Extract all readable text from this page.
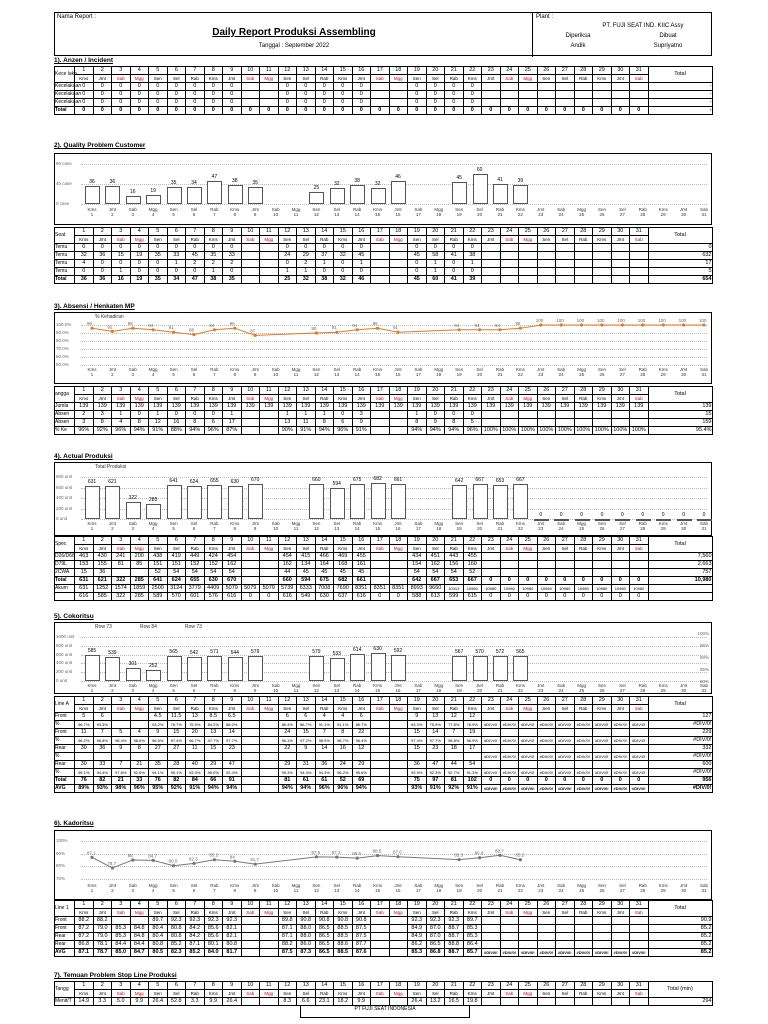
Nama Report :
Daily Report Produksi Assembling
Tanggal : September 2022
Plant :
PT. FUJI SEAT IND. KIIC Assy
Diperiksa	Dibuat
Andik	Supriyatno
1). Anzen / Incident
Kece laka	1	2	3	4	5	6	7	8	9	10	11	12	13	14	15	16	17	18	19	20	21	22	23	24	25	26	27	28	29	30	31	Total
	Kms	Jmt	Sab	Mgg	Sen	Sel	Rab	Kms	Jmt	Sab	Mgg	Sen	Sel	Rab	Kms	Jmt	Sab	Mgg	Sen	Sel	Rab	Kms	Jmt	Sab	Mgg	Sen	Sel	Rab	Kms	Jmt	Sab	
Kecelakaan	0	0	0	0	0	0	0	0	0			0	0	0	0	0			0	0	0	0										-
Kecelakaan	0	0	0	0	0	0	0	0	0			0	0	0	0	0			0	0	0	0										-
Kecelakaan	0	0	0	0	0	0	0	0	0			0	0	0	0	0			0	0	0	0										-
Total	0	0	0	0	0	0	0	0	0	0	0	0	0	0	0	0	0	0	0	0	0	0	0	0	0	0	0	0	0	0	0	-
2). Quality Problem Customer
80 case
40 case
0 case
Kms
1
Jmt
2
Sab
3
Mgg
4
Sen
5
Sel
6
Rab
7
Kms
8
Jmt
9
Sab
10
Mgg
11
Sen
12
Sel
13
Rab
14
Kms
15
Jmt
16
Sab
17
Mgg
18
Sen
19
Sel
20
Rab
21
Kms
22
Jmt
23
Sab
24
Mgg
25
Sen
26
Sel
27
Rab
28
Kms
29
Jmt
30
Sab
31
36	36
16	19
35	34
47
38	35
25
32	38	32
46	45
60
41	39
Seat	1	2	3	4	5	6	7	8	9	10	11	12	13	14	15	16	17	18	19	20	21	22	23	24	25	26	27	28	29	30	31	Total
	Kms	Jmt	Sab	Mgg	Sen	Sel	Rab	Kms	Jmt	Sab	Mgg	Sen	Sel	Rab	Kms	Jmt	Sab	Mgg	Sen	Sel	Rab	Kms	Jmt	Sab	Mgg	Sen	Sel	Rab	Kms	Jmt	Sab	
Temu	0	0	0	0	0	0	0	0	0			0	0	0	0	0			0	0	0	0										0
Temu	32	36	15	19	35	33	45	35	33			24	29	37	32	45			45	58	41	38										632
Temu	4	0	0	0	0	1	2	2	2			0	2	1	0	1			0	1	0	1										17
Temu	0	0	1	0	0	0	0	1	0			1	1	0	0	0			0	1	0	0										5
Total	36	36	16	19	35	34	47	38	35			25	32	38	32	46			45	60	41	39										654
3). Absensi / Henkaten MP
100.0%
90.0%
80.0%
70.0%
60.0%
50.0%
Kms
1
Jmt
2
Sab
3
Mgg
4
Sen
5
Sel
6
Rab
7
Kms
8
Jmt
9
Sab
10
Mgg
11
Sen
12
Sel
13
Rab
14
Kms
15
Jmt
16
Sab
17
Mgg
18
Sen
19
Sel
20
Rab
21
Kms
22
Jmt
23
Sab
24
Mgg
25
Sen
26
Sel
27
Rab
28
Kms
29
Jmt
30
Sab
31
96
92
96	94	91	88
94	96
87	90	91	94	96
91	94	94	94	96
100	100	100	100	100	100	100	100	100
% Kehadiran
angga	1	2	3	4	5	6	7	8	9	10	11	12	13	14	15	16	17	18	19	20	21	22	23	24	25	26	27	28	29	30	31	Total
	Kms	Jmt	Sab	Mgg	Sen	Sel	Rab	Kms	Jmt	Sab	Mgg	Sen	Sel	Rab	Kms	Jmt	Sab	Mgg	Sen	Sel	Rab	Kms	Jmt	Sab	Mgg	Sen	Sel	Rab	Kms	Jmt	Sab	
Jumla	139	139	139	139	139	139	139	139	139	139	139	139	139	139	139	139	139	139	139	139	139	139	139	139	139	139	139	139	139	139	139	139
Absen	2	3	1	0	1	0	0	0	1			1	1	1	0	3			1	0	0	0										15
Absen	3	8	4	8	12	16	8	6	17			13	11	8	6	9			8	9	8	5										159
% Ke	96%	92%	96%	94%	91%	88%	94%	96%	87%			90%	91%	94%	96%	91%			94%	94%	94%	96%	100%	100%	100%	100%	100%	100%	100%	100%	100%	95.4%
4). Actual Produksi
800 unit
600 unit
400 unit
200 unit
0 unit
Kms
1
Jmt
2
Sab
3
Mgg
4
Sen
5
Sel
6
Rab
7
Kms
8
Jmt
9
Sab
10
Mgg
11
Sen
12
Sel
13
Rab
14
Kms
15
Jmt
16
Sab
17
Mgg
18
Sen
19
Sel
20
Rab
21
Kms
22
Jmt
23
Sab
24
Mgg
25
Sen
26
Sel
27
Rab
28
Kms
29
Jmt
30
Sab
31
631	621
322	285
641	624	655	630	670	660
594
675	682	661	642	667	653	667
0	0	0	0	0	0	0	0	0
Total Produksi
Spec	1	2	3	4	5	6	7	8	9	10	11	12	13	14	15	16	17	18	19	20	21	22	23	24	25	26	27	28	29	30	31	Total
	Kms	Jmt	Sab	Mgg	Sen	Sel	Rab	Kms	Jmt	Sab	Mgg	Sen	Sel	Rab	Kms	Jmt	Sab	Mgg	Sen	Sel	Rab	Kms	Jmt	Sab	Mgg	Sen	Sel	Rab	Kms	Jmt	Sab	
D26/D66	463	430	241	200	438	419	449	424	454			454	415	466	469	455			434	451	443	455										7,560
D79L	153	155	81	85	151	151	152	152	162			162	134	164	168	161			154	162	156	160										2,663
2CWA	15	36			52	54	54	54	54			44	45	45	45	45			54	54	54	52										757
Total	631	621	322	285	641	624	655	630	670			660	594	675	682	661			642	667	653	667	0	0	0	0	0	0	0	0	0	10,980
Akum	631	1252	1574	1859	2500	3124	3779	4409	5079	5079	5079	5739	6333	7008	7690	8351	8351	8351	8993	9660	10313	10980	10980	10980	10980	10980	10980	10980	10980	10980	10980	
	616	585	322	285	589	570	601	576	616	0	0	616	549	630	637	616	0	0	588	613	599	615	0	0	0	0	0	0	0	0	0	
5). Cokoritsu
1000 unit
800 unit
600 unit
400 unit
200 unit
0 unit
Kms
1
Jmt
2
Sab
3
Mgg
4
Sen
5
Sel
6
Rab
7
Kms
8
Jmt
9
Sab
10
Mgg
11
Sen
12
Sel
13
Rab
14
Kms
15
Jmt
16
Sab
17
Mgg
18
Sen
19
Sel
20
Rab
21
Kms
22
Jmt
23
Sab
24
Mgg
25
Sen
26
Sel
27
Rab
28
Kms
29
Jmt
30
Sab
31
585	539
301	252
565	542	571	544	579	579	533
614	630	592	567	570	572	565
Row 73	Row 84	Row 73
100%
95%
90%
85%
80%
Line A	1	2	3	4	5	6	7	8	9	10	11	12	13	14	15	16	17	18	19	20	21	22	23	24	25	26	27	28	29	30	31	Total
	Kms	Jmt	Sab	Mgg	Sen	Sel	Rab	Kms	Jmt	Sab	Mgg	Sen	Sel	Rab	Kms	Jmt	Sab	Mgg	Sen	Sel	Rab	Kms	Jmt	Sab	Mgg	Sen	Sel	Rab	Kms	Jmt	Sab	
Front	5	6			4.5	11.5	13	8.5	6.5			6	6	4	4	6			9	13	12	12										127
%	96.7%	93.3%			93.2%	78.7%	75.9%	84.2%	88.0%			86.4%	86.7%	91.1%	91.1%	86.7%			83.3%	75.9%	77.8%	76.9%	#DIV/0!	#DIV/0!	#DIV/0!	#DIV/0!	#DIV/0!	#DIV/0!	#DIV/0!	#DIV/0!	#DIV/0!	#DIV/0!
Front	11	7	5	4	9	15	20	13	14			24	15	7	8	22			15	14	7	19										229
%	96.2%	98.8%	98.4%	98.6%	96.5%	97.4%	96.7%	97.7%	97.7%			96.1%	97.2%	98.9%	98.7%	96.4%			97.4%	97.7%	98.8%	96.9%	#DIV/0!	#DIV/0!	#DIV/0!	#DIV/0!	#DIV/0!	#DIV/0!	#DIV/0!	#DIV/0!	#DIV/0!	#DIV/0!
Rear	30	36	9	8	27	27	11	15	23			22	9	14	16	12			15	23	18	17										332
%																							#DIV/0!	#DIV/0!	#DIV/0!	#DIV/0!	#DIV/0!	#DIV/0!	#DIV/0!	#DIV/0!	#DIV/0!	#DIV/0!
Rear	30	33	7	21	35	28	40	29	47			29	31	36	24	29			36	47	44	54										600
%	95.1%	94.4%	97.8%	92.6%	94.1%	95.1%	93.3%	95.0%	92.4%			95.3%	94.4%	94.3%	96.2%	95.6%			93.9%	92.3%	92.7%	91.3%	#DIV/0!	#DIV/0!	#DIV/0!	#DIV/0!	#DIV/0!	#DIV/0!	#DIV/0!	#DIV/0!	#DIV/0!	#DIV/0!
Total	76	82	21	33	76	82	84	66	91			81	61	61	52	69			75	97	81	102	0	0	0	0	0	0	0	0	0	956
AVG	89%	93%	98%	96%	95%	92%	91%	94%	94%			94%	94%	96%	96%	94%			93%	91%	92%	91%	#DIV/0!	#DIV/0!	#DIV/0!	#DIV/0!	#DIV/0!	#DIV/0!	#DIV/0!	#DIV/0!	#DIV/0!	#DIV/0!
6). Kadoritsu
100%
90%
80%
70%
Kms
1
Jmt
2
Sab
3
Mgg
4
Sen
5
Sel
6
Rab
7
Kms
8
Jmt
9
Sab
10
Mgg
11
Sen
12
Sel
13
Rab
14
Kms
15
Jmt
16
Sab
17
Mgg
18
Sen
19
Sel
20
Rab
21
Kms
22
Jmt
23
Sab
24
Mgg
25
Sen
26
Sel
27
Rab
28
Kms
29
Jmt
30
Sab
31
87.1
78.7
85	84.7
80.5	82.3
85.2	84
81.7
87.5	87.3	86.5
88.5	87.6
85.3	86.8	88.7
85.2
Line 1	1	2	3	4	5	6	7	8	9	10	11	12	13	14	15	16	17	18	19	20	21	22	23	24	25	26	27	28	29	30	31	Total
	Kms	Jmt	Sab	Mgg	Sen	Sel	Rab	Kms	Jmt	Sab	Mgg	Sen	Sel	Rab	Kms	Jmt	Sab	Mgg	Sen	Sel	Rab	Kms	Jmt	Sab	Mgg	Sen	Sel	Rab	Kms	Jmt	Sab	
Front	88.2	88.2			89.7	92.3	92.3	92.3	92.3			89.8	90.8	90.8	90.8	90.8			92.3	92.3	92.3	89.7										90.9
Front	87.2	79.0	85.3	84.8	80.4	80.8	84.2	85.6	82.1			87.1	88.0	86.5	88.5	87.5			84.9	87.0	88.7	85.3										85.2
Rear	87.2	79.0	85.3	84.8	80.4	80.8	84.2	85.6	82.1			87.1	88.0	86.5	88.5	87.5			84.9	87.0	88.7	85.3										85.2
Rear	86.8	78.1	84.4	84.4	80.8	85.2	87.1	80.1	80.8			88.2	86.0	86.5	88.6	87.7			86.2	86.5	88.8	86.4										85.2
AVG	87.1	78.7	85.0	84.7	80.5	82.3	85.2	84.0	81.7			87.5	87.3	86.5	88.5	87.6			85.3	86.8	88.7	85.7	#DIV/0!	#DIV/0!	#DIV/0!	#DIV/0!	#DIV/0!	#DIV/0!	#DIV/0!	#DIV/0!	#DIV/0!	85.2
7). Temuan Problem Stop Line Produksi
Tangg	1	2	3	4	5	6	7	8	9	10	11	12	13	14	15	16	17	18	19	20	21	22	23	24	25	26	27	28	29	30	31	Total (min)
	Kms	Jmt	Sab	Mgg	Sen	Sel	Rab	Kms	Jmt	Sab	Mgg	Sen	Sel	Rab	Kms	Jmt	Sab	Mgg	Sen	Sel	Rab	Kms	Jmt	Sab	Mgg	Sen	Sel	Rab	Kms	Jmt	Sab	
Menit/T	14.9	3.3	5.0	9.9	26.4	52.8	3.3	9.9	26.4			8.3	6.6	23.1	18.2	9.9			26.4	13.2	16.5	19.8										294
PT FUJI SEAT INDONESIA
